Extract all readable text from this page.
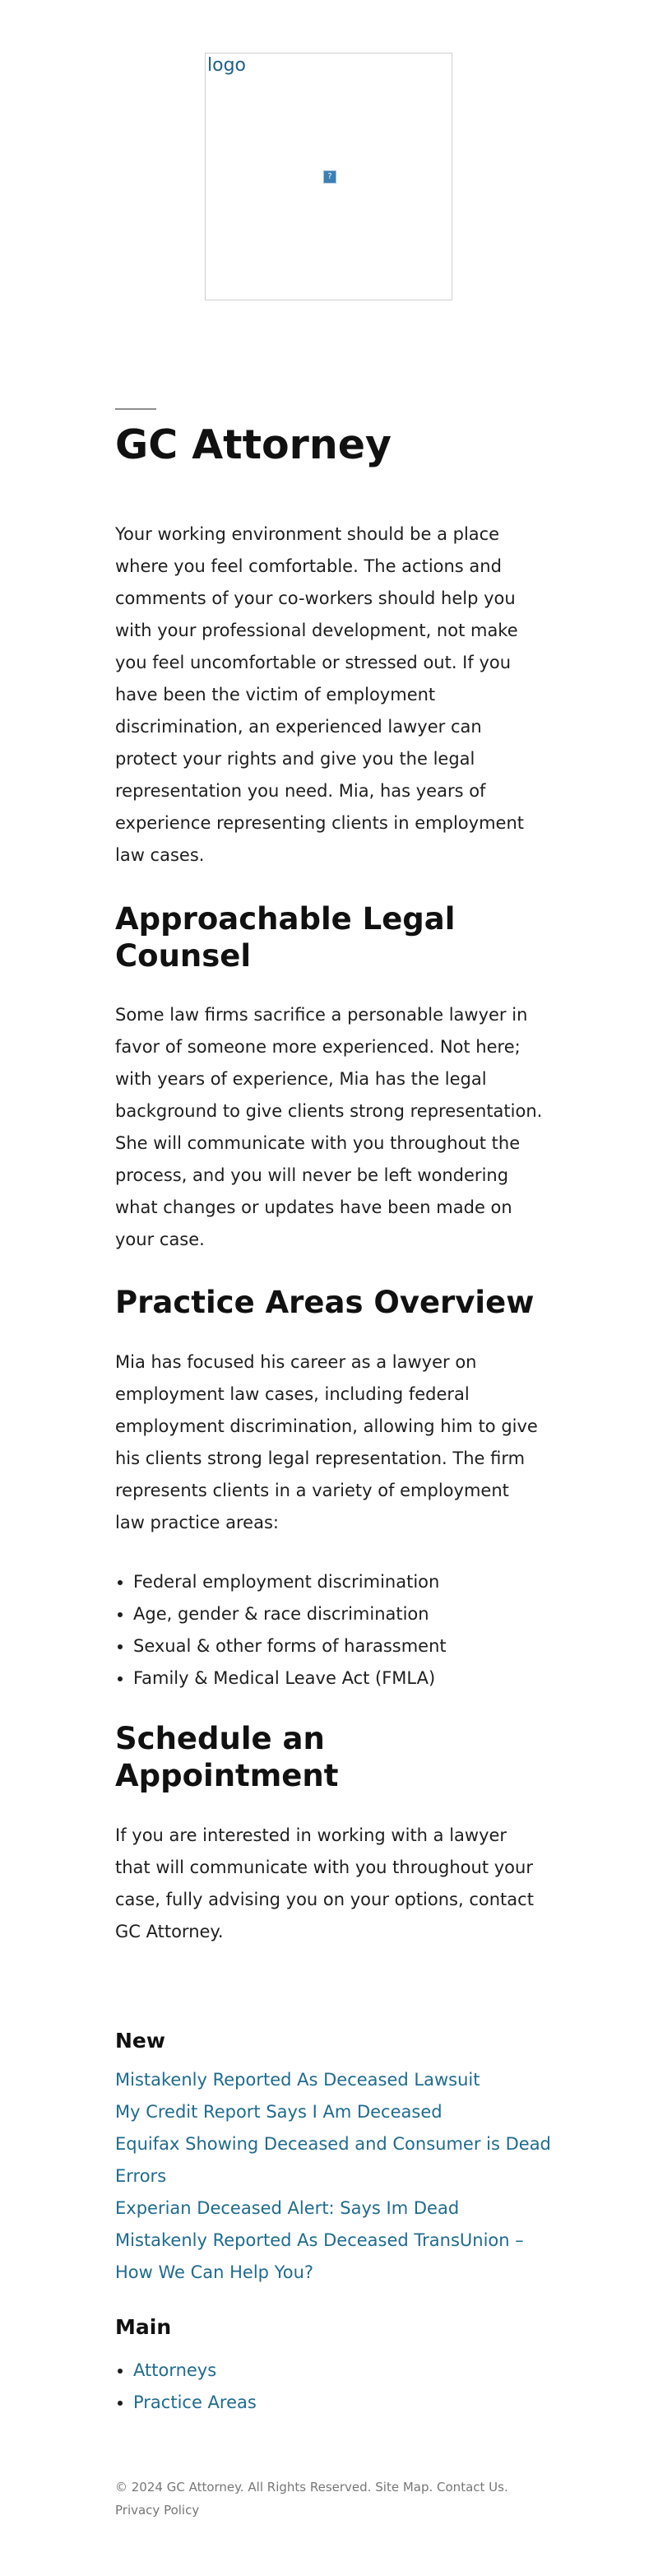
logo
?
GC Attorney

Your working environment should be a place where you feel comfortable. The actions and comments of your co-workers should help you with your professional development, not make you feel uncomfortable or stressed out. If you have been the victim of employment discrimination, an experienced lawyer can protect your rights and give you the legal representation you need. Mia, has years of experience representing clients in employment law cases.

Approachable Legal Counsel

Some law firms sacrifice a personable lawyer in favor of someone more experienced. Not here; with years of experience, Mia has the legal background to give clients strong representation. She will communicate with you throughout the process, and you will never be left wondering what changes or updates have been made on your case.

Practice Areas Overview

Mia has focused his career as a lawyer on employment law cases, including federal employment discrimination, allowing him to give his clients strong legal representation. The firm represents clients in a variety of employment law practice areas:

• Federal employment discrimination
• Age, gender & race discrimination
• Sexual & other forms of harassment
• Family & Medical Leave Act (FMLA)
Schedule an Appointment

If you are interested in working with a lawyer that will communicate with you throughout your case, fully advising you on your options, contact GC Attorney.

New
Mistakenly Reported As Deceased Lawsuit
My Credit Report Says I Am Deceased
Equifax Showing Deceased and Consumer is Dead Errors
Experian Deceased Alert: Says Im Dead
Mistakenly Reported As Deceased TransUnion – How We Can Help You?
Main
• Attorneys
• Practice Areas
© 2024 GC Attorney. All Rights Reserved. Site Map. Contact Us.
Privacy Policy
